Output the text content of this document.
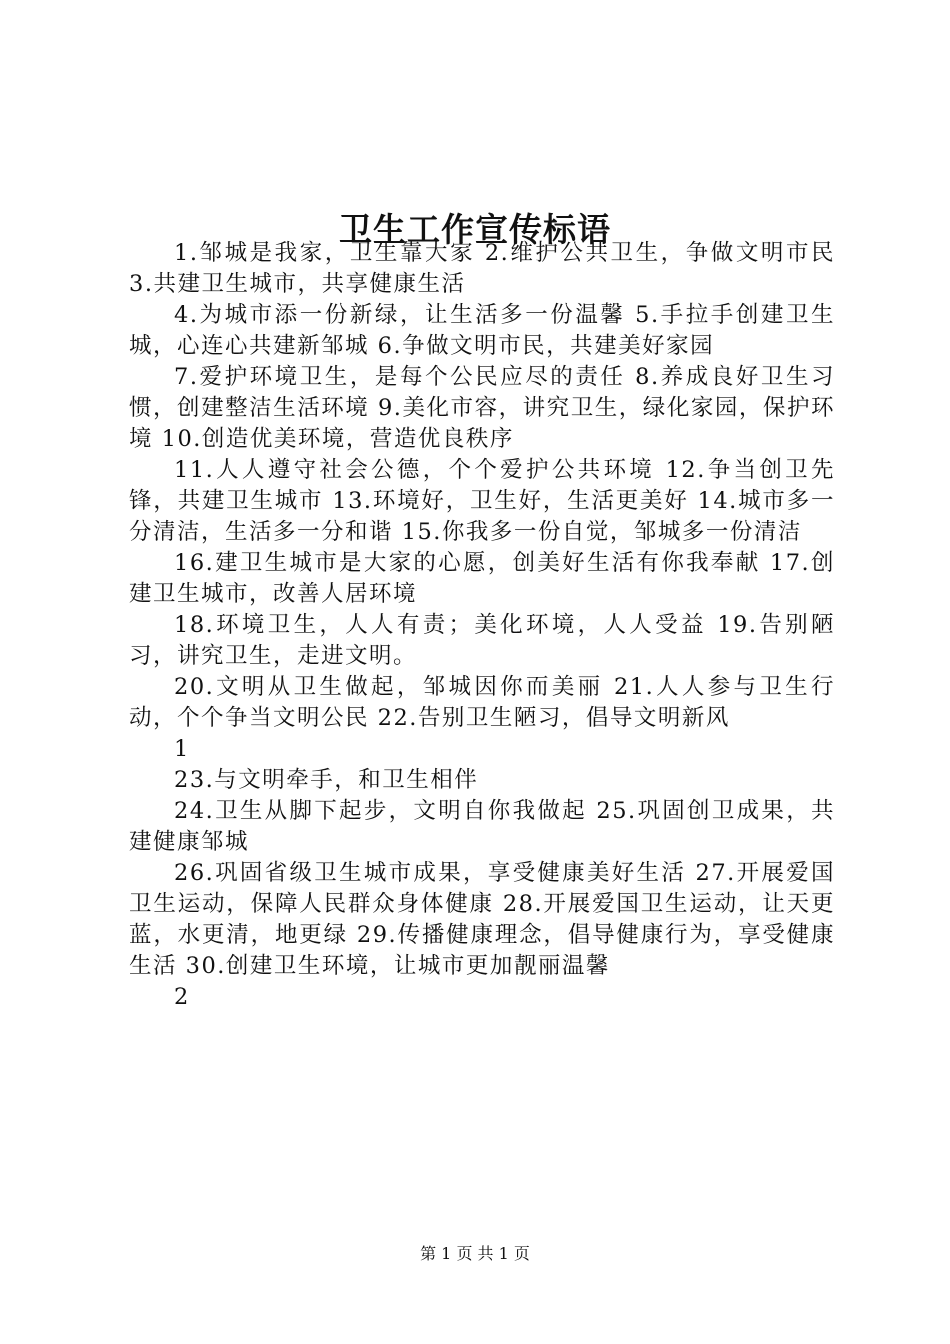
卫生工作宣传标语

1.邹城是我家，卫生靠大家 2.维护公共卫生，争做文明市民 3.共建卫生城市，共享健康生活

4.为城市添一份新绿，让生活多一份温馨 5.手拉手创建卫生城，心连心共建新邹城 6.争做文明市民，共建美好家园

7.爱护环境卫生，是每个公民应尽的责任 8.养成良好卫生习惯，创建整洁生活环境 9.美化市容，讲究卫生，绿化家园，保护环境 10.创造优美环境，营造优良秩序

11.人人遵守社会公德，个个爱护公共环境 12.争当创卫先锋，共建卫生城市 13.环境好，卫生好，生活更美好 14.城市多一分清洁，生活多一分和谐 15.你我多一份自觉，邹城多一份清洁

16.建卫生城市是大家的心愿，创美好生活有你我奉献 17.创建卫生城市，改善人居环境

18.环境卫生，人人有责；美化环境，人人受益 19.告别陋习，讲究卫生，走进文明。

20.文明从卫生做起，邹城因你而美丽 21.人人参与卫生行动，个个争当文明公民 22.告别卫生陋习，倡导文明新风

1

23.与文明牵手，和卫生相伴

24.卫生从脚下起步，文明自你我做起 25.巩固创卫成果，共建健康邹城

26.巩固省级卫生城市成果，享受健康美好生活 27.开展爱国卫生运动，保障人民群众身体健康 28.开展爱国卫生运动，让天更蓝，水更清，地更绿 29.传播健康理念，倡导健康行为，享受健康生活 30.创建卫生环境，让城市更加靓丽温馨

2

第 1 页 共 1 页
